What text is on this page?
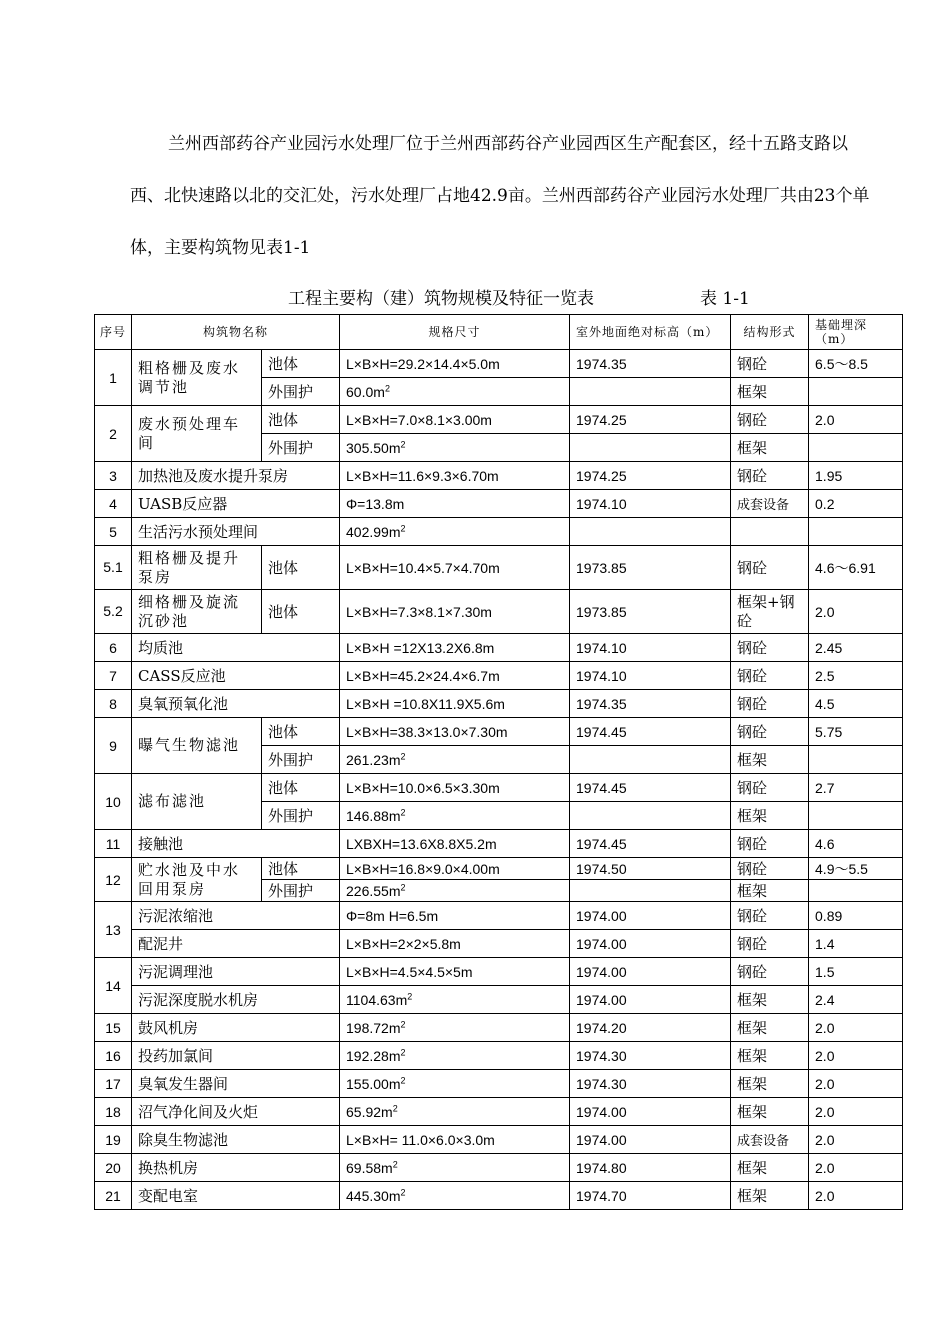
兰州西部药谷产业园污水处理厂位于兰州西部药谷产业园西区生产配套区，经十五路支路以西、北快速路以北的交汇处，污水处理厂占地42.9亩。兰州西部药谷产业园污水处理厂共由23个单体，主要构筑物见表1-1

工程主要构（建）筑物规模及特征一览表	表 1-1
序号	构筑物名称		规格尺寸	室外地面绝对标高（m）	结构形式	基础埋深（m）
1	粗格栅及废水调节池	池体	L×B×H=29.2×14.4×5.0m	1974.35	钢砼	6.5～8.5
		外围护	$60.0m^2$		框架	
2	废水预处理车间	池体	L×B×H=7.0×8.1×3.00m	1974.25	钢砼	2.0
		外围护	$305.50m^2$		框架	
3	加热池及废水提升泵房		L×B×H=11.6×9.3×6.70m	1974.25	钢砼	1.95
4	UASB反应器		Φ=13.8m	1974.10	成套设备	0.2
5	生活污水预处理间		$402.99m^2$			
5.1	粗格栅及提升泵房	池体	L×B×H=10.4×5.7×4.70m	1973.85	钢砼	4.6～6.91
5.2	细格栅及旋流沉砂池	池体	L×B×H=7.3×8.1×7.30m	1973.85	框架+钢砼	2.0
6	均质池		L×B×H =12X13.2X6.8m	1974.10	钢砼	2.45
7	CASS反应池		L×B×H=45.2×24.4×6.7m	1974.10	钢砼	2.5
8	臭氧预氧化池		L×B×H =10.8X11.9X5.6m	1974.35	钢砼	4.5
9	曝气生物滤池	池体	L×B×H=38.3×13.0×7.30m	1974.45	钢砼	5.75
		外围护	$261.23m^2$		框架	
10	滤布滤池	池体	L×B×H=10.0×6.5×3.30m	1974.45	钢砼	2.7
		外围护	$146.88m^2$		框架	
11	接触池		LXBXH=13.6X8.8X5.2m	1974.45	钢砼	4.6
12	贮水池及中水回用泵房	池体	L×B×H=16.8×9.0×4.00m	1974.50	钢砼	4.9～5.5
		外围护	$226.55m^2$		框架	
13	污泥浓缩池		Φ=8m H=6.5m	1974.00	钢砼	0.89
	配泥井		L×B×H=2×2×5.8m	1974.00	钢砼	1.4
14	污泥调理池		L×B×H=4.5×4.5×5m	1974.00	钢砼	1.5
	污泥深度脱水机房		$1104.63m^2$	1974.00	框架	2.4
15	鼓风机房		$198.72m^2$	1974.20	框架	2.0
16	投药加氯间		$192.28m^2$	1974.30	框架	2.0
17	臭氧发生器间		$155.00m^2$	1974.30	框架	2.0
18	沼气净化间及火炬		$65.92m^2$	1974.00	框架	2.0
19	除臭生物滤池		L×B×H= 11.0×6.0×3.0m	1974.00	成套设备	2.0
20	换热机房		$69.58m^2$	1974.80	框架	2.0
21	变配电室		$445.30m^2$	1974.70	框架	2.0
